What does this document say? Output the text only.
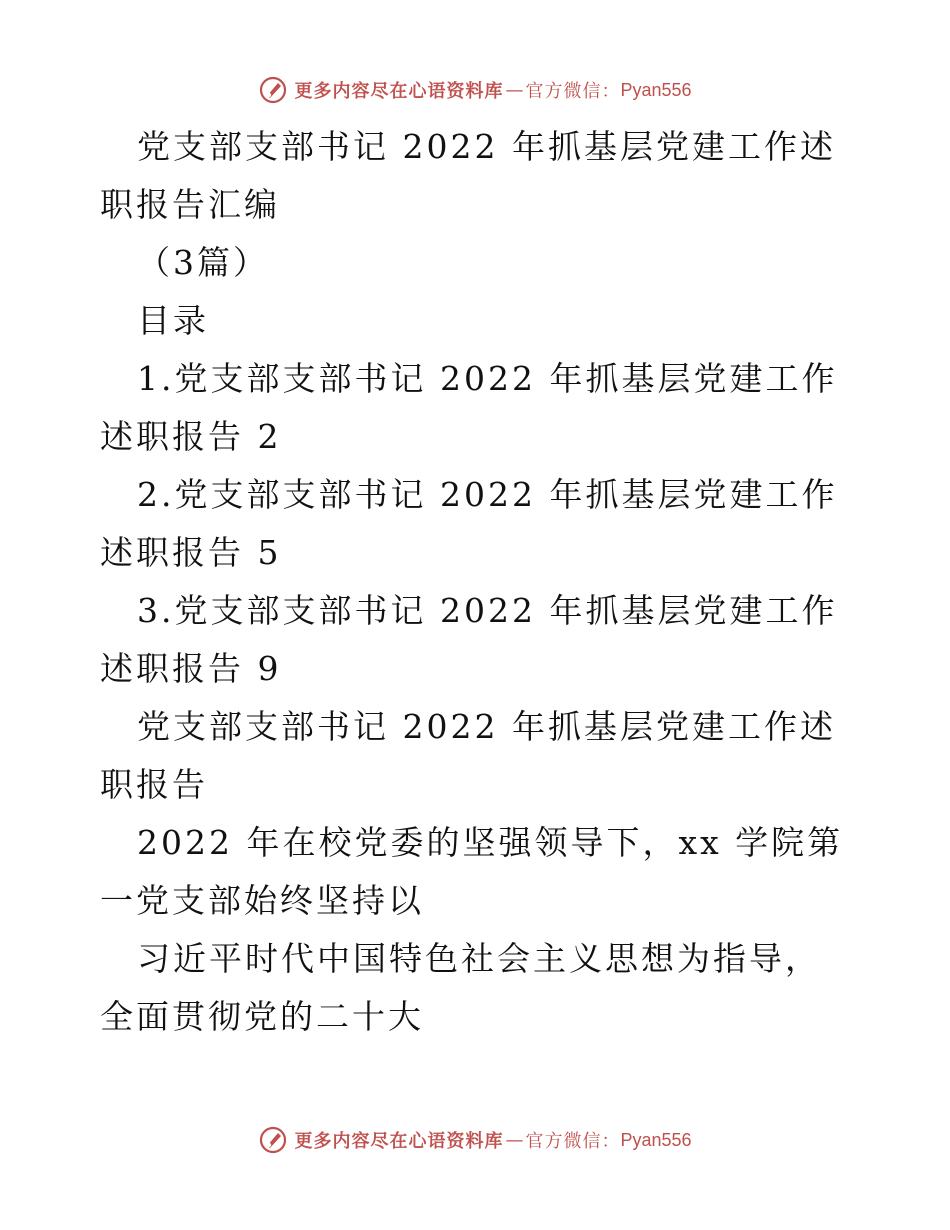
更多内容尽在心语资料库 — 官方微信： Pyan556

党支部支部书记 2022 年抓基层党建工作述职报告汇编

（3篇）

目录

1.党支部支部书记 2022 年抓基层党建工作述职报告 2

2.党支部支部书记 2022 年抓基层党建工作述职报告 5

3.党支部支部书记 2022 年抓基层党建工作述职报告 9

党支部支部书记 2022 年抓基层党建工作述职报告

2022 年在校党委的坚强领导下，xx 学院第一党支部始终坚持以

习近平时代中国特色社会主义思想为指导，全面贯彻党的二十大

更多内容尽在心语资料库 — 官方微信： Pyan556
